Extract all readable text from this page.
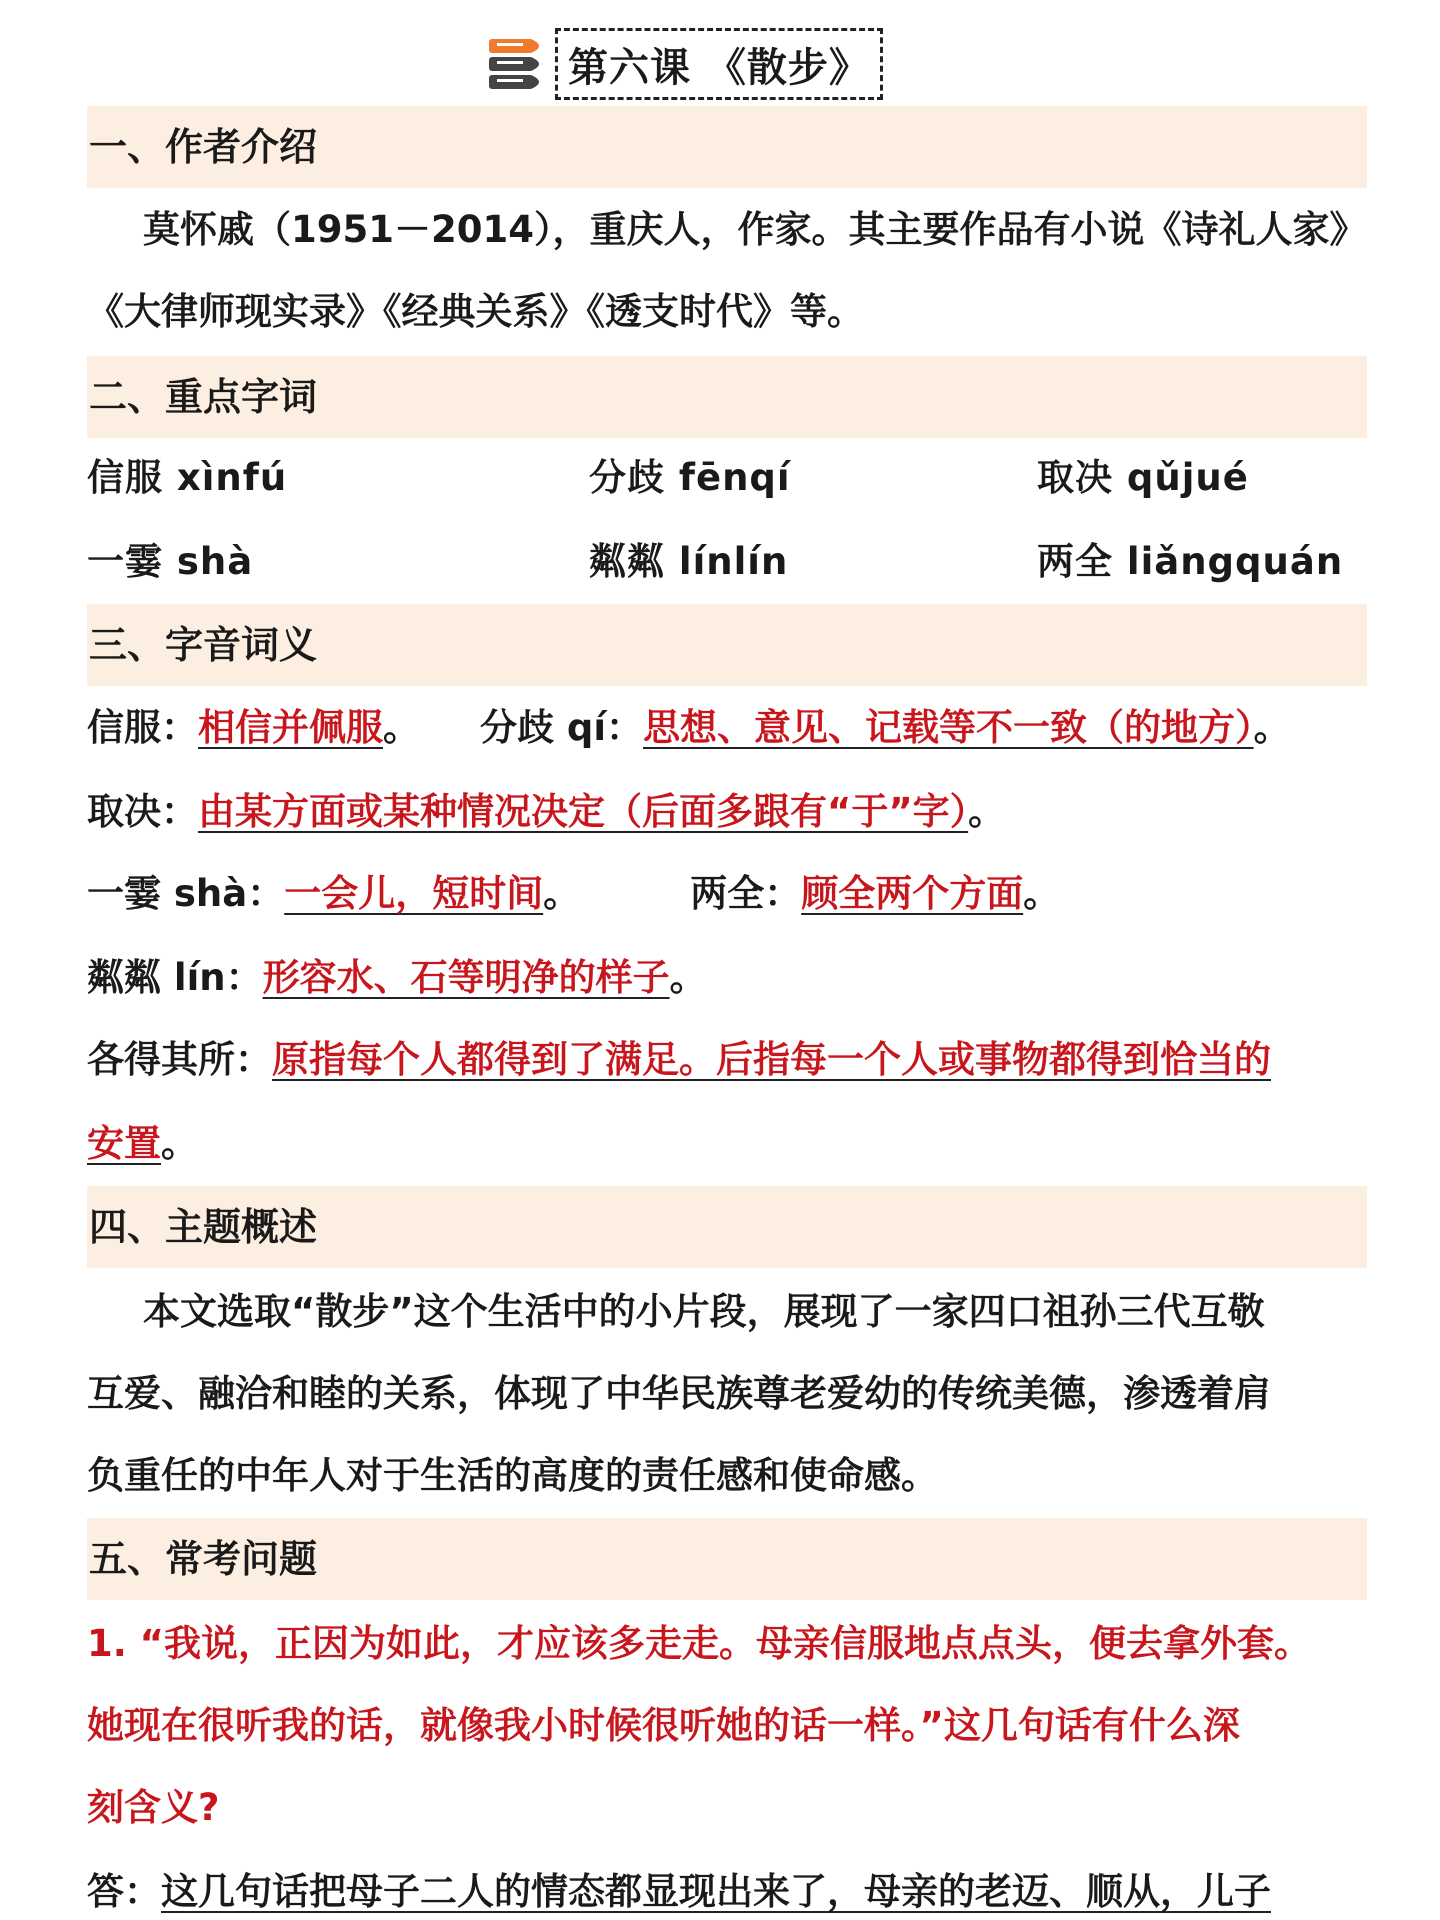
第六课 《散步》
一、作者介绍
莫怀戚（1951－2014），重庆人，作家。其主要作品有小说《诗礼人家》
《大律师现实录》《经典关系》《透支时代》等。
二、重点字词
信服 xìnfú	分歧 fēnqí	取决 qǔjué
一霎 shà	粼粼 línlín	两全 liǎngquán
三、字音词义
信服：相信并佩服。 分歧 qí：思想、意见、记载等不一致（的地方）。
取决：由某方面或某种情况决定（后面多跟有“于”字）。
一霎 shà：一会儿，短时间。	两全：顾全两个方面。
粼粼 lín：形容水、石等明净的样子。
各得其所：原指每个人都得到了满足。后指每一个人或事物都得到恰当的
安置。
四、主题概述
本文选取“散步”这个生活中的小片段，展现了一家四口祖孙三代互敬
互爱、融洽和睦的关系，体现了中华民族尊老爱幼的传统美德，渗透着肩
负重任的中年人对于生活的高度的责任感和使命感。
五、常考问题
1. “我说，正因为如此，才应该多走走。母亲信服地点点头，便去拿外套。
她现在很听我的话，就像我小时候很听她的话一样。”这几句话有什么深
刻含义?
答：这几句话把母子二人的情态都显现出来了，母亲的老迈、顺从，儿子
